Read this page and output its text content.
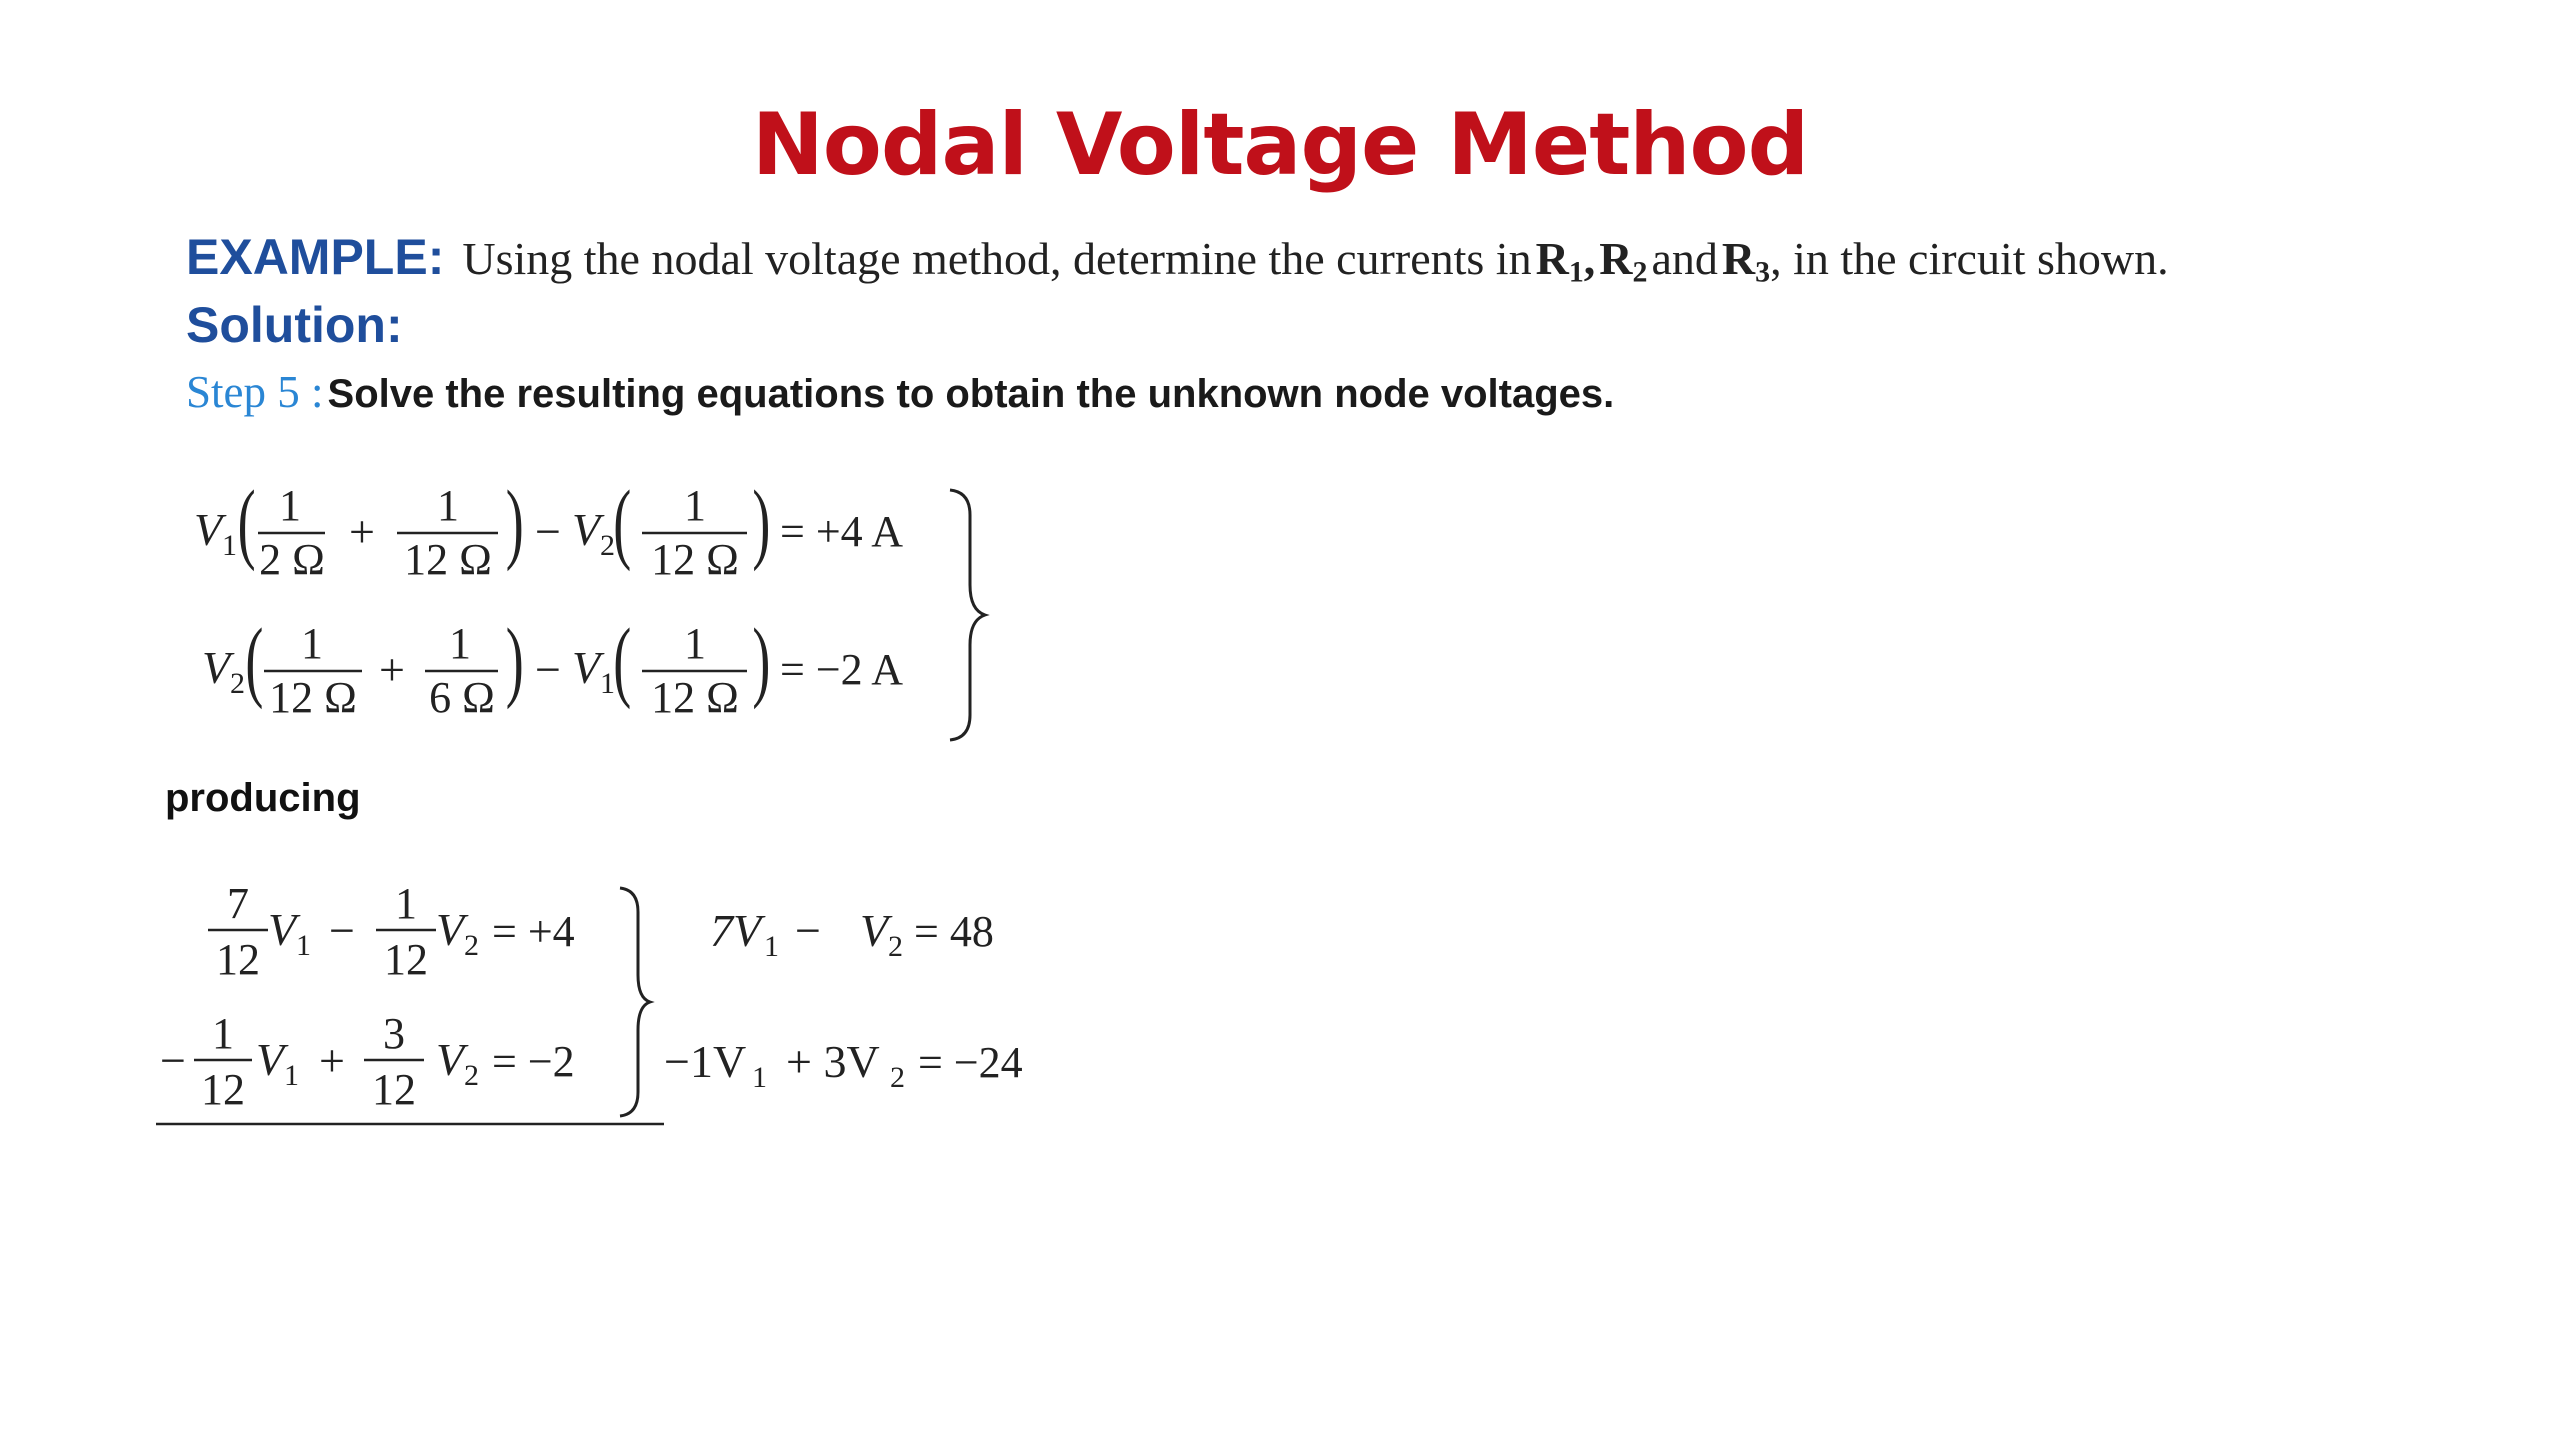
Nodal Voltage Method
EXAMPLE: Using the nodal voltage method, determine the currents in $R_1$, $R_2$ and $R_3$, in the circuit shown.
Solution:
Step 5 : Solve the resulting equations to obtain the unknown node voltages.
V 1 ( 1
2 Ω
+
1
12 Ω ) − V 2
( 1
12 Ω ) = +4 A
V 2 ( 1
12 Ω
+
1
6 Ω ) − V 1
( 1
12 Ω ) = −2 A
producing
7
12
V 1 −
1
12
V 2 = +4
−
1
12
V 1 +
3
12
V 2 = −2
7V 1 − V 2 = 48
−1V 1 + 3V 2 = −24
